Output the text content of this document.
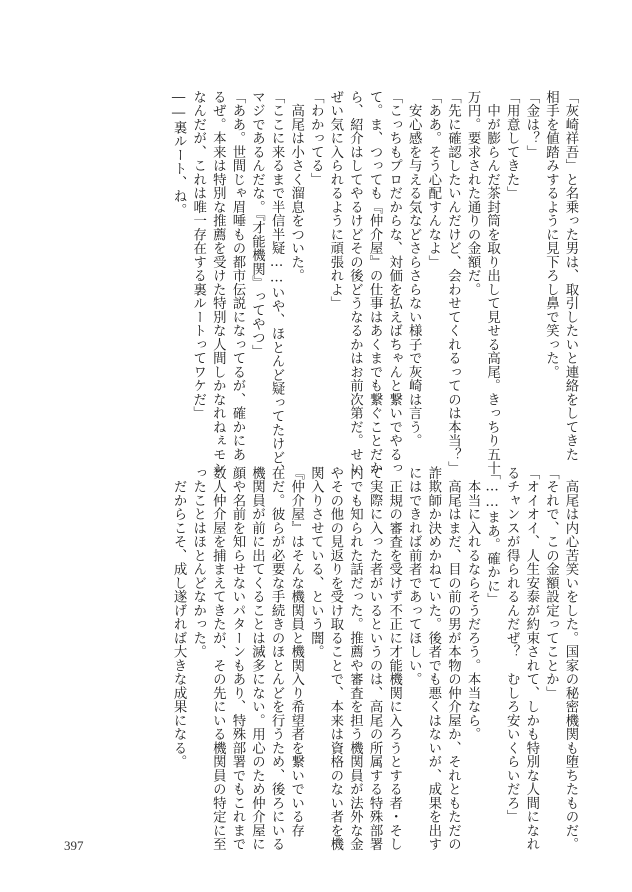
「灰崎祥吾」と名乗った男は、取引したいと連絡をしてきた
相手を値踏みするように見下ろし鼻で笑った。
「金は？」
「用意してきた」
　中が膨らんだ茶封筒を取り出して見せる高尾。きっちり五十
万円。要求された通りの金額だ。
「先に確認したいんだけど、会わせてくれるってのは本当？」
「ああ。そう心配すんなよ」
　安心感を与える気などさらさらない様子で灰崎は言う。
「こっちもプロだからな、対価を払えばちゃんと繋いでやるっ
て。ま、つっても『仲介屋』の仕事はあくまでも繋ぐことだか
ら、紹介はしてやるけどその後どうなるかはお前次第だ。せい
ぜい気に入られるように頑張れよ」
「わかってる」
　高尾は小さく溜息をついた。
「ここに来るまで半信半疑……いや、ほとんど疑ってたけど、
マジであるんだな。『才能機関』ってやつ」
「ああ。世間じゃ眉唾もの都市伝説になってるが、確かにあ
るぜ。本来は特別な推薦を受けた特別な人間しかなれねぇモン
なんだが、これは唯一存在する裏ルートってワケだ」
――裏ルート、ね。
　高尾は内心苦笑いをした。国家の秘密機関も堕ちたものだ。
「それで、この金額設定ってことか」
「オイオイ、人生安泰が約束されて、しかも特別な人間になれ
るチャンスが得られるんだぜ？　むしろ安いくらいだろ」
「……まあ。確かに」
　本当に入れるならそうだろう。本当なら。
　高尾はまだ、目の前の男が本物の仲介屋か、それともただの
詐欺師か決めかねていた。後者でも悪くはないが、成果を出す
にはできれば前者であってほしい。
　正規の審査を受けず不正に才能機関に入ろうとする者・そし
て実際に入った者がいるというのは、高尾の所属する特殊部署
内でも知られた話だった。推薦や審査を担う機関員が法外な金
やその他の見返りを受け取ることで、本来は資格のない者を機
関入りさせている、という闇。
『仲介屋』はそんな機関員と機関入り希望者を繋いでいる存
在だ。彼らが必要な手続きのほとんどを行うため、後ろにいる
機関員が前に出てくることは滅多にない。用心のため仲介屋に
顔や名前を知らせないパターンもあり、特殊部署でもこれまで
数人仲介屋を捕まえてきたが、その先にいる機関員の特定に至
ったことはほとんどなかった。
　だからこそ、成し遂げれば大きな成果になる。
397
